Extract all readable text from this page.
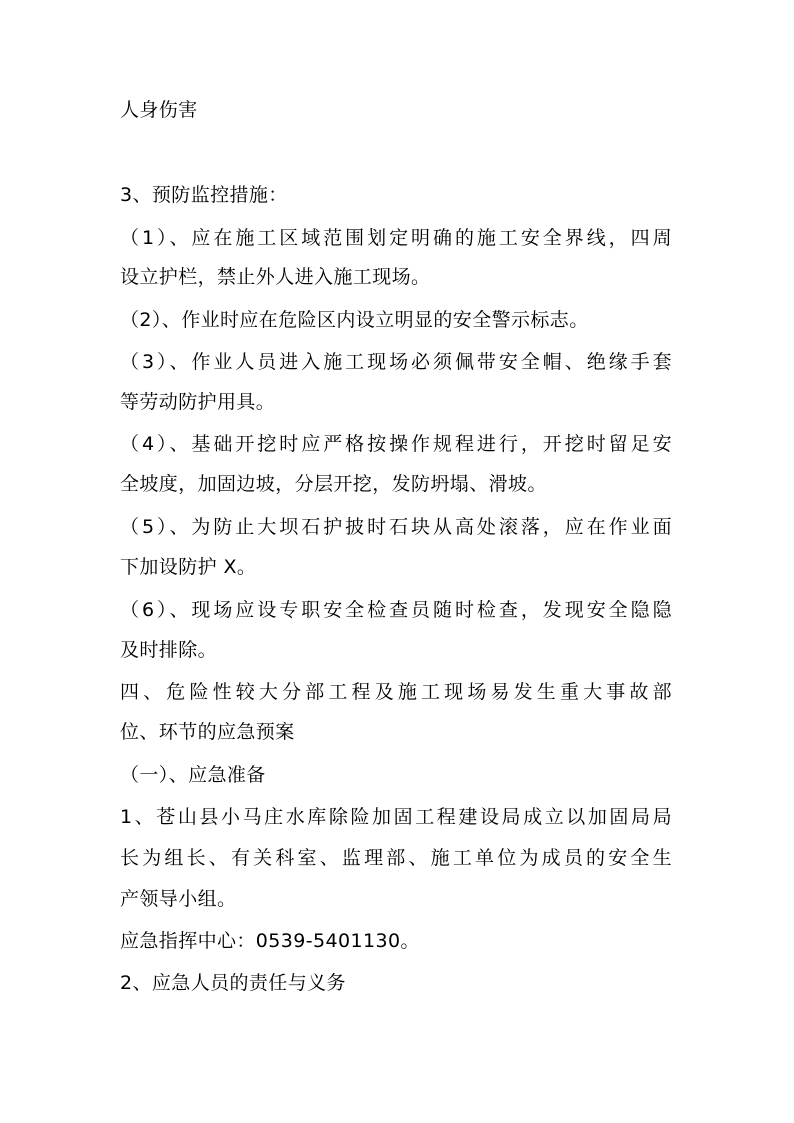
人身伤害
3、预防监控措施：
（1）、应在施工区域范围划定明确的施工安全界线，四周
设立护栏，禁止外人进入施工现场。
（2）、作业时应在危险区内设立明显的安全警示标志。
（3）、作业人员进入施工现场必须佩带安全帽、绝缘手套
等劳动防护用具。
（4）、基础开挖时应严格按操作规程进行，开挖时留足安
全坡度，加固边坡，分层开挖，发防坍塌、滑坡。
（5）、为防止大坝石护披时石块从高处滚落，应在作业面
下加设防护 X。
（6）、现场应设专职安全检查员随时检查，发现安全隐隐
及时排除。
四、危险性较大分部工程及施工现场易发生重大事故部
位、环节的应急预案
（一）、应急准备
1、苍山县小马庄水库除险加固工程建设局成立以加固局局
长为组长、有关科室、监理部、施工单位为成员的安全生
产领导小组。
应急指挥中心：0539-5401130。
2、应急人员的责任与义务
